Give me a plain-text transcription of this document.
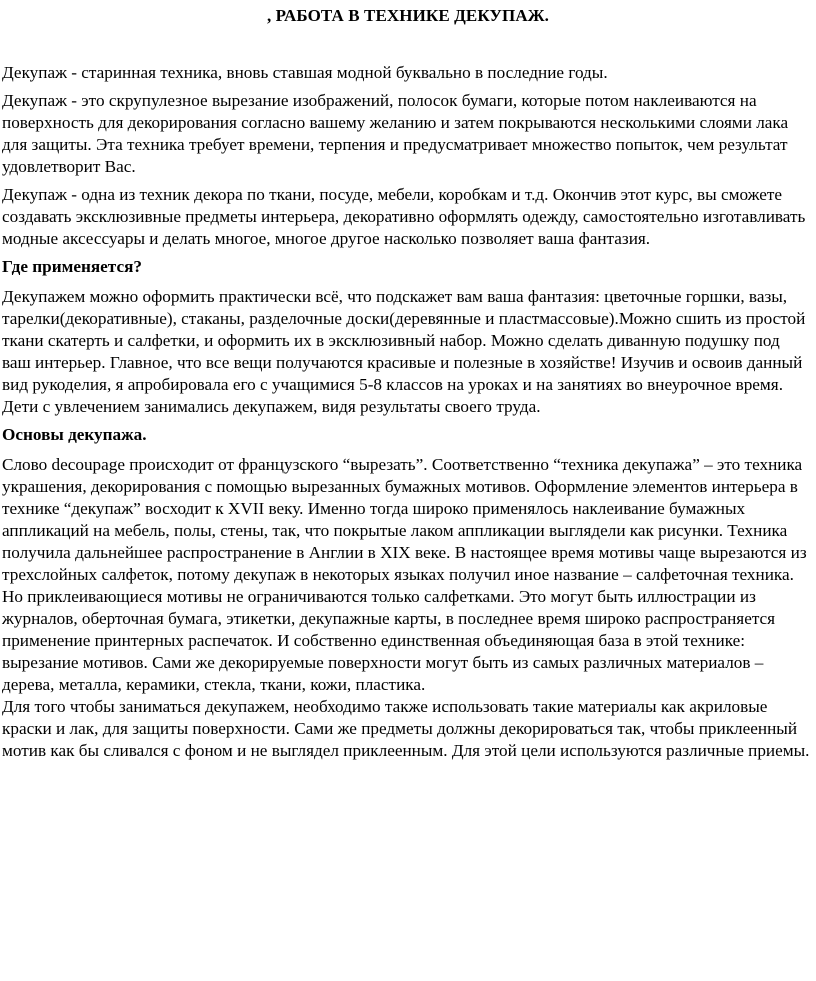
, РАБОТА В ТЕХНИКЕ ДЕКУПАЖ.

Декупаж - старинная техника, вновь ставшая модной буквально в последние годы.

Декупаж - это скрупулезное вырезание изображений, полосок бумаги, которые потом наклеиваются на поверхность для декорирования согласно вашему желанию и затем покрываются несколькими слоями лака для защиты. Эта техника требует времени, терпения и предусматривает множество попыток, чем результат удовлетворит Вас.

Декупаж - одна из техник декора по ткани, посуде, мебели, коробкам и т.д. Окончив этот курс, вы сможете создавать эксклюзивные предметы интерьера, декоративно оформлять одежду, самостоятельно изготавливать модные аксессуары и делать многое, многое другое насколько позволяет ваша фантазия.

Где применяется?

Декупажем можно оформить практически всё, что подскажет вам ваша фантазия: цветочные горшки, вазы, тарелки(декоративные), стаканы, разделочные доски(деревянные и пластмассовые).Можно сшить из простой ткани скатерть и салфетки, и оформить их в эксклюзивный набор. Можно сделать диванную подушку под ваш интерьер. Главное, что все вещи получаются красивые и полезные в хозяйстве! Изучив и освоив данный вид рукоделия, я апробировала его с учащимися 5-8 классов на уроках и на занятиях во внеурочное время. Дети с увлечением занимались декупажем, видя результаты своего труда.

Основы декупажа.

Слово decoupage происходит от французского “вырезать”. Соответственно “техника декупажа” – это техника украшения, декорирования с помощью вырезанных бумажных мотивов. Оформление элементов интерьера в технике “декупаж” восходит к XVII веку. Именно тогда широко применялось наклеивание бумажных аппликаций на мебель, полы, стены, так, что покрытые лаком аппликации выглядели как рисунки. Техника получила дальнейшее распространение в Англии в XIX веке. В настоящее время мотивы чаще вырезаются из трехслойных салфеток, потому декупаж в некоторых языках получил иное название – салфеточная техника. Но приклеивающиеся мотивы не ограничиваются только салфетками. Это могут быть иллюстрации из журналов, оберточная бумага, этикетки, декупажные карты, в последнее время широко распространяется применение принтерных распечаток. И собственно единственная объединяющая база в этой технике: вырезание мотивов. Сами же декорируемые поверхности могут быть из самых различных материалов – дерева, металла, керамики, стекла, ткани, кожи, пластика.

Для того чтобы заниматься декупажем, необходимо также использовать такие материалы как акриловые краски и лак, для защиты поверхности. Сами же предметы должны декорироваться так, чтобы приклеенный мотив как бы сливался с фоном и не выглядел приклеенным. Для этой цели используются различные приемы.
